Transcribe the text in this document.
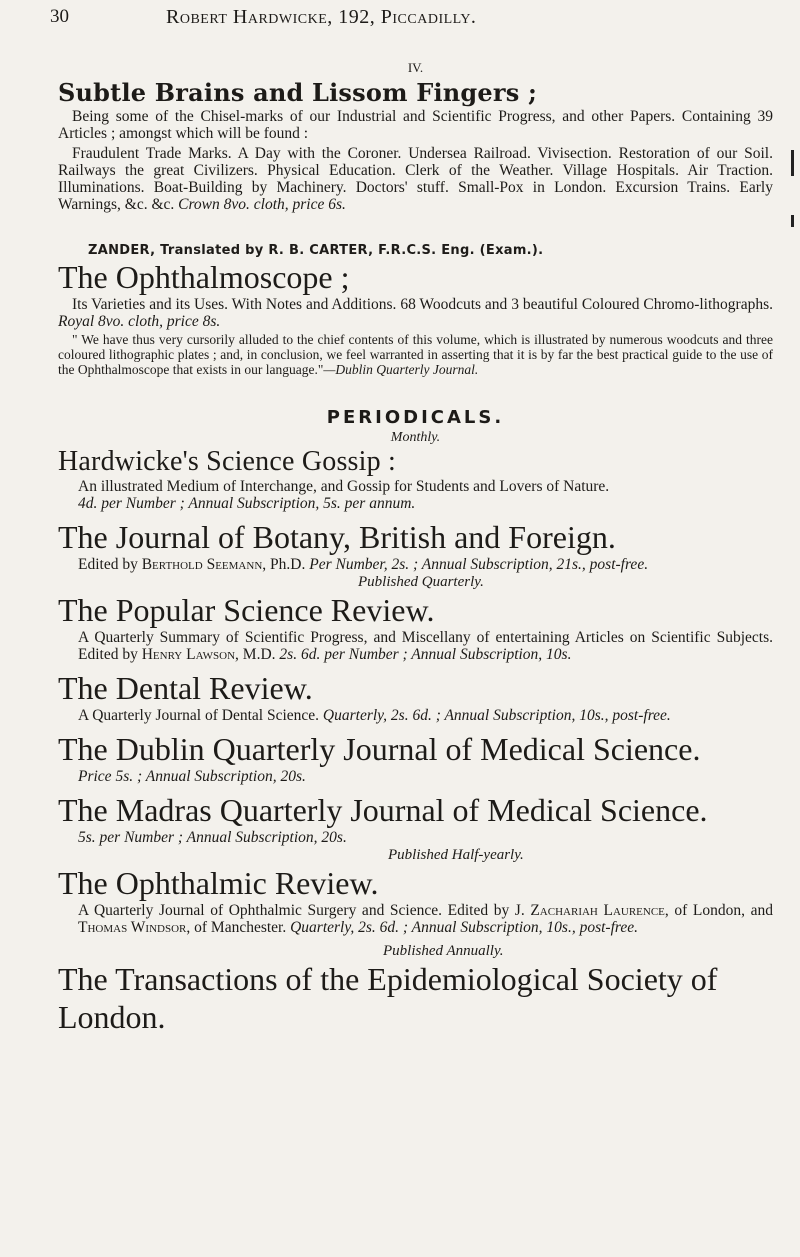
30	Robert Hardwicke, 192, Piccadilly.
IV.
Subtle Brains and Lissom Fingers ;

Being some of the Chisel-marks of our Industrial and Scientific Progress, and other Papers. Containing 39 Articles ; amongst which will be found :

Fraudulent Trade Marks. A Day with the Coroner. Undersea Railroad. Vivisection. Restoration of our Soil. Railways the great Civilizers. Physical Education. Clerk of the Weather. Village Hospitals. Air Traction. Illuminations. Boat-Building by Machinery. Doctors' stuff. Small-Pox in London. Excursion Trains. Early Warnings, &c. &c. Crown 8vo. cloth, price 6s.

ZANDER, Translated by R. B. CARTER, F.R.C.S. Eng. (Exam.).
The Ophthalmoscope ;

Its Varieties and its Uses. With Notes and Additions. 68 Woodcuts and 3 beautiful Coloured Chromo-lithographs. Royal 8vo. cloth, price 8s.

" We have thus very cursorily alluded to the chief contents of this volume, which is illustrated by numerous woodcuts and three coloured lithographic plates ; and, in conclusion, we feel warranted in asserting that it is by far the best practical guide to the use of the Ophthalmoscope that exists in our language."—Dublin Quarterly Journal.

PERIODICALS.
Monthly.
Hardwicke's Science Gossip :

An illustrated Medium of Interchange, and Gossip for Students and Lovers of Nature.

4d. per Number ; Annual Subscription, 5s. per annum.

The Journal of Botany, British and Foreign.

Edited by Berthold Seemann, Ph.D. Per Number, 2s. ; Annual Subscription, 21s., post-free.

Published Quarterly.

The Popular Science Review.

A Quarterly Summary of Scientific Progress, and Miscellany of entertaining Articles on Scientific Subjects. Edited by Henry Lawson, M.D. 2s. 6d. per Number ; Annual Subscription, 10s.

The Dental Review.

A Quarterly Journal of Dental Science. Quarterly, 2s. 6d. ; Annual Subscription, 10s., post-free.

The Dublin Quarterly Journal of Medical Science.

Price 5s. ; Annual Subscription, 20s.

The Madras Quarterly Journal of Medical Science.

5s. per Number ; Annual Subscription, 20s.

Published Half-yearly.

The Ophthalmic Review.

A Quarterly Journal of Ophthalmic Surgery and Science. Edited by J. Zachariah Laurence, of London, and Thomas Windsor, of Manchester. Quarterly, 2s. 6d. ; Annual Subscription, 10s., post-free.

Published Annually.

The Transactions of the Epidemiological Society of London.
